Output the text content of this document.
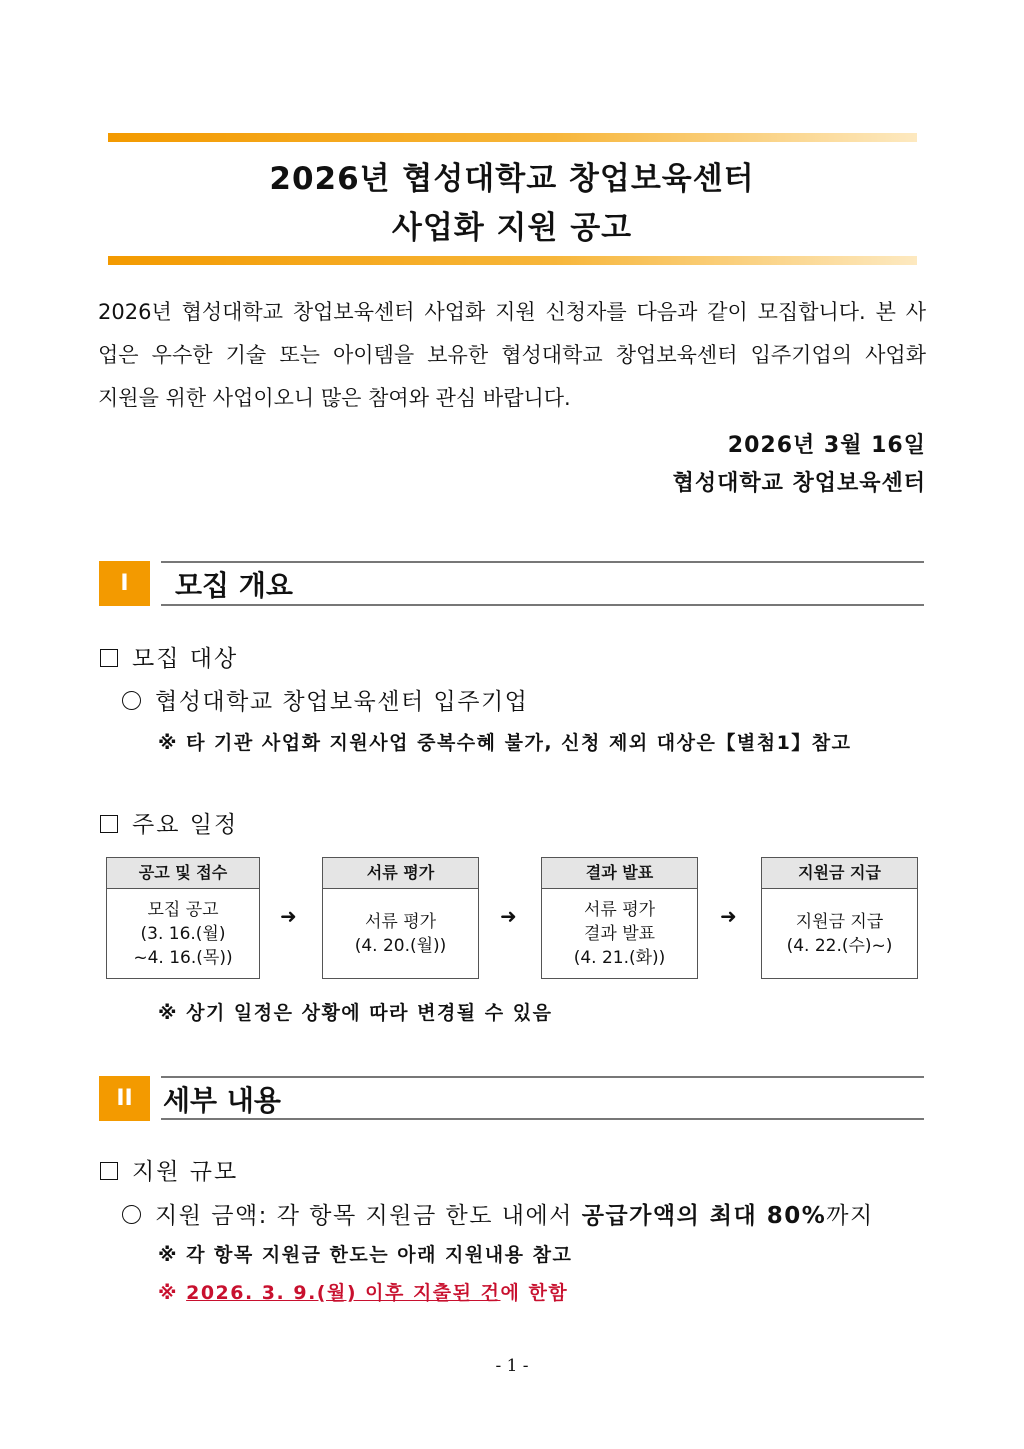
2026년 협성대학교 창업보육센터
사업화 지원 공고
2026년 협성대학교 창업보육센터 사업화 지원 신청자를 다음과 같이 모집합니다. 본 사
업은 우수한 기술 또는 아이템을 보유한 협성대학교 창업보육센터 입주기업의 사업화
지원을 위한 사업이오니 많은 참여와 관심 바랍니다.
2026년 3월 16일
협성대학교 창업보육센터
I	모집 개요
모집 대상
협성대학교 창업보육센터 입주기업
※ 타 기관 사업화 지원사업 중복수혜 불가, 신청 제외 대상은【별첨1】참고
주요 일정
공고 및 접수
모집 공고
(3. 16.(월)
~4. 16.(목))
➜
서류 평가
서류 평가
(4. 20.(월))
➜
결과 발표
서류 평가
결과 발표
(4. 21.(화))
➜
지원금 지급
지원금 지급
(4. 22.(수)~)
※ 상기 일정은 상황에 따라 변경될 수 있음
II	세부 내용
지원 규모
지원 금액: 각 항목 지원금 한도 내에서 공급가액의 최대 80%까지
※ 각 항목 지원금 한도는 아래 지원내용 참고
※ 2026. 3. 9.(월) 이후 지출된 건에 한함
- 1 -
